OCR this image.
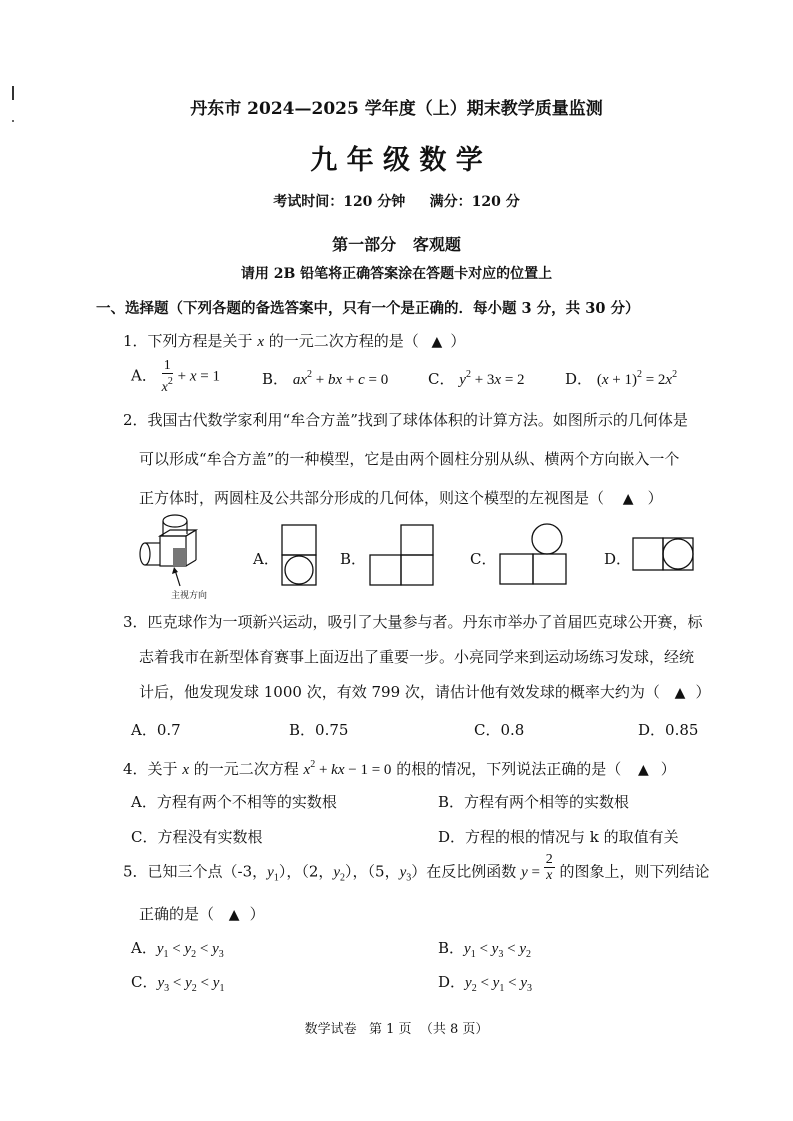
丹东市 2024—2025 学年度（上）期末教学质量监测
九 年 级 数 学
考试时间：120 分钟     满分：120 分
第一部分   客观题
请用 2B 铅笔将正确答案涂在答题卡对应的位置上
一、选择题（下列各题的备选答案中，只有一个是正确的．每小题 3 分，共 30 分）
1．下列方程是关于 x 的一元二次方程的是（ ▲ ）
A． $\frac{1}{x^2} + x = 1$	B． $ax^2$ + bx + c = 0	C． $y^2 + 3x = 2$	D． $(x + 1)^2 = 2x^2$
2．我国古代数学家利用“牟合方盖”找到了球体体积的计算方法。如图所示的几何体是
可以形成“牟合方盖”的一种模型，它是由两个圆柱分别从纵、横两个方向嵌入一个
正方体时，两圆柱及公共部分形成的几何体，则这个模型的左视图是（ ▲ ）
主视方向
A．	B．	C．	D．
3．匹克球作为一项新兴运动，吸引了大量参与者。丹东市举办了首届匹克球公开赛，标
志着我市在新型体育赛事上面迈出了重要一步。小亮同学来到运动场练习发球，经统
计后，他发现发球 1000 次，有效 799 次，请估计他有效发球的概率大约为（ ▲ ）
A．0.7	B．0.75	C．0.8	D．0.85
4．关于 x 的一元二次方程 $x^2$ + kx − 1 = 0 的根的情况，下列说法正确的是（ ▲ ）
A．方程有两个不相等的实数根	B．方程有两个相等的实数根
C．方程没有实数根	D．方程的根的情况与 k 的取值有关
5．已知三个点（-3，$y_1$），（2，$y_2$），（5，$y_3$）在反比例函数 $y = \frac{2}{x}$ 的图象上，则下列结论
正确的是（ ▲ ）
A．$y_1 < y_2 < y_3$	B．$y_1 < y_3 < y_2$
C．$y_3 < y_2 < y_1$	D．$y_2 < y_1 < y_3$
数学试卷   第 1 页  （共 8 页）
